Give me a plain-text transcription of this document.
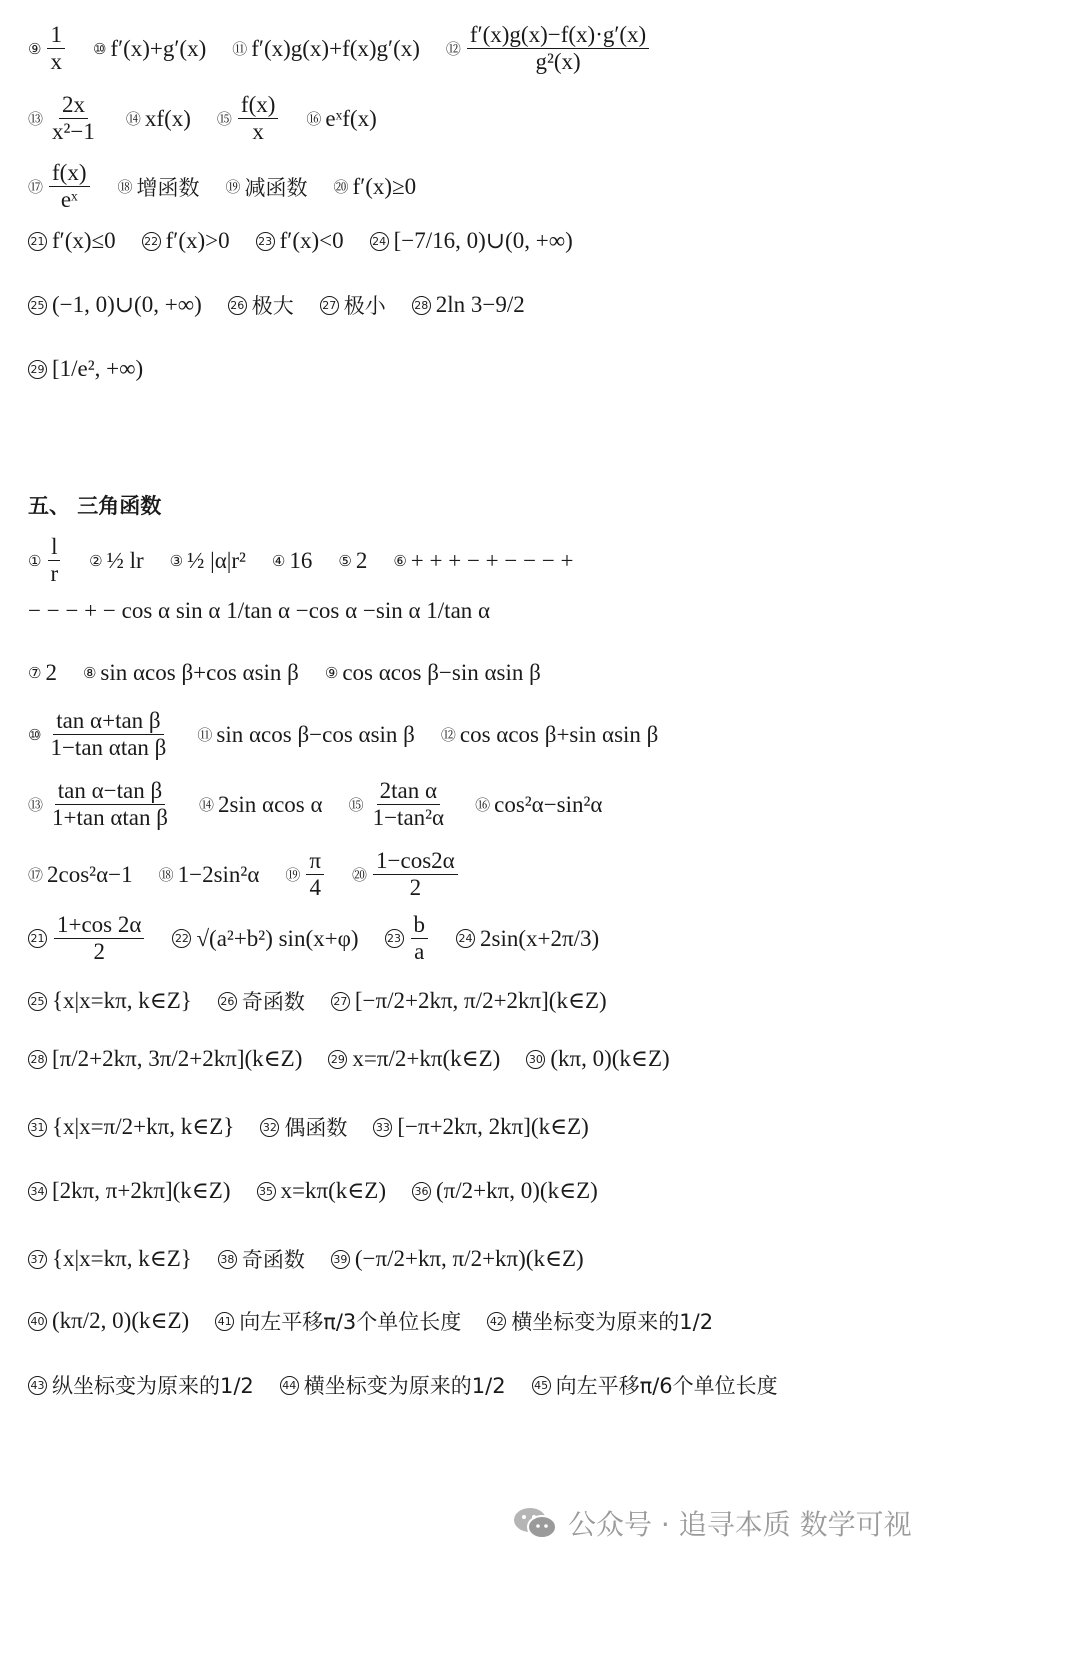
⑨ $\frac{1}{x}$ ⑩ f′(x)+g′(x) ⑪ f′(x)g(x)+f(x)g′(x) ⑫ $\frac{f'(x)g(x)-f(x)\cdot g'(x)}{\text{g²(x)}}$
⑬ $\frac{2x}{\text{x²−1}}$ ⑭ xf(x) ⑮ $\frac{f(x)}{x}$ ⑯ eˣf(x)
⑰ $\frac{f(x)}{\text{eˣ}}$ ⑱ 增函数 ⑲ 减函数 ⑳ f′(x)≥0
21 f′(x)≤0	22 f′(x)>0	23 f′(x)<0	24 [−7/16, 0)∪(0, +∞)
25 (−1, 0)∪(0, +∞)	26 极大	27 极小	28 2ln 3−9/2
29 [1/e², +∞)
五、 三角函数
① $\frac{l}{r}$ ② ½ lr ③ ½ |α|r² ④ 16 ⑤ 2 ⑥ + + + − + − − − +
− − − + − cos α sin α 1/tan α −cos α −sin α 1/tan α
⑦ 2 ⑧ sin αcos β+cos αsin β ⑨ cos αcos β−sin αsin β
⑩ $\frac{\text{tan α+tan β}}{\text{1−tan αtan β}}$ ⑪ sin αcos β−cos αsin β ⑫ cos αcos β+sin αsin β
⑬ $\frac{\text{tan α−tan β}}{\text{1+tan αtan β}}$ ⑭ 2sin αcos α ⑮ $\frac{\text{2tan α}}{\text{1−tan²α}}$ ⑯ cos²α−sin²α
⑰ 2cos²α−1 ⑱ 1−2sin²α ⑲ $\frac{\pi}{4}$ ⑳ $\frac{1-\cos 2\alpha}{2}$
$21 \frac{1+\cos 2\alpha}{2}$	22 √(a²+b²) sin(x+φ)	$23 \frac{b}{a}$	24 2sin(x+2π/3)
25 {x|x=kπ, k∈Z}	26 奇函数	27 [−π/2+2kπ, π/2+2kπ](k∈Z)
28 [π/2+2kπ, 3π/2+2kπ](k∈Z)	29 x=π/2+kπ(k∈Z)	30 (kπ, 0)(k∈Z)
31 {x|x=π/2+kπ, k∈Z}	32 偶函数	33 [−π+2kπ, 2kπ](k∈Z)
34 [2kπ, π+2kπ](k∈Z)	35 x=kπ(k∈Z)	36 (π/2+kπ, 0)(k∈Z)
37 {x|x=kπ, k∈Z}	38 奇函数	39 (−π/2+kπ, π/2+kπ)(k∈Z)
40 (kπ/2, 0)(k∈Z)	41 向左平移π/3个单位长度	42 横坐标变为原来的1/2
43 纵坐标变为原来的1/2	44 横坐标变为原来的1/2	45 向左平移π/6个单位长度
公众号 · 追寻本质 数学可视
